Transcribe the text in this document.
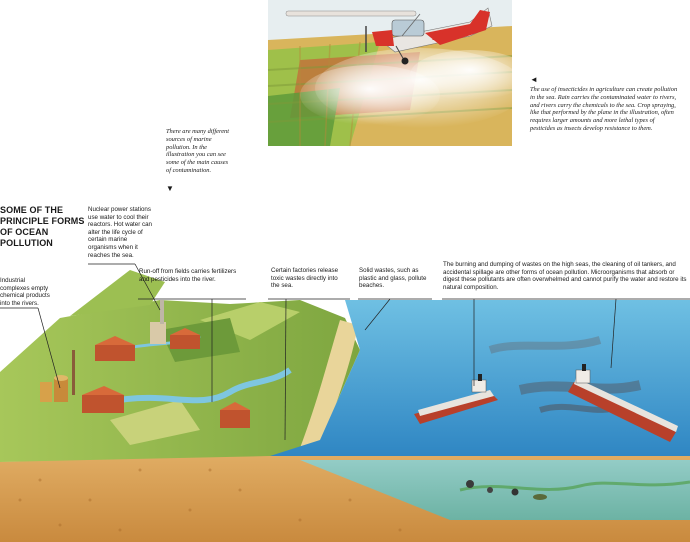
SOME OF THE
PRINCIPLE FORMS
OF OCEAN
POLLUTION

There are many different sources of marine pollution. In the illustration you can see some of the main causes of contamination.

▼
◄

The use of insecticides in agriculture can create pollution in the sea. Rain carries the contaminated water to rivers, and rivers carry the chemicals to the sea. Crop spraying, like that performed by the plane in the illustration, often requires larger amounts and more lethal types of pesticides as insects develop resistance to them.

A1

Industrial complexes empty chemical products into the rivers.

Nuclear power stations use water to cool their reactors. Hot water can alter the life cycle of certain marine organisms when it reaches the sea.

Run-off from fields carries fertilizers and pesticides into the river.

Certain factories release toxic wastes directly into the sea.

Solid wastes, such as plastic and glass, pollute beaches.

The burning and dumping of wastes on the high seas, the cleaning of oil tankers, and accidental spillage are other forms of ocean pollution. Microorganisms that absorb or digest these pollutants are often overwhelmed and cannot purify the water and restore its natural composition.
